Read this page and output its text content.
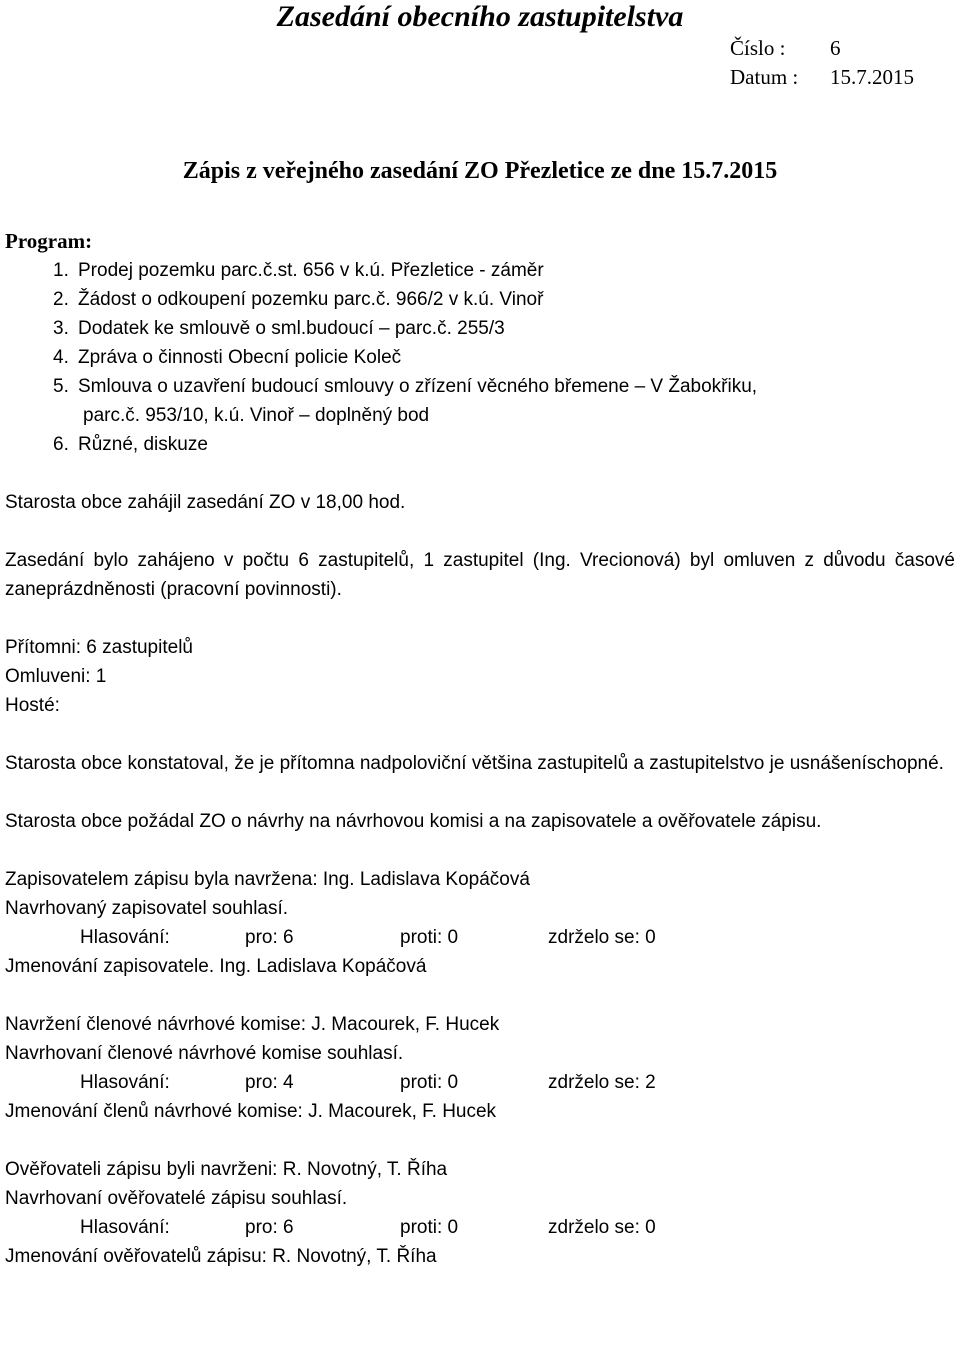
Zasedání obecního zastupitelstva
Číslo : 6
Datum : 15.7.2015
Zápis z veřejného zasedání ZO Přezletice ze dne 15.7.2015
Program:
1. Prodej pozemku parc.č.st. 656 v k.ú. Přezletice - záměr
2. Žádost o odkoupení pozemku parc.č. 966/2 v k.ú. Vinoř
3. Dodatek ke smlouvě o sml.budoucí – parc.č. 255/3
4. Zpráva o činnosti Obecní policie Koleč
5. Smlouva o uzavření budoucí smlouvy o zřízení věcného břemene – V Žabokřiku,
parc.č. 953/10, k.ú. Vinoř – doplněný bod
6. Různé, diskuze

Starosta obce zahájil zasedání ZO v 18,00 hod.

Zasedání bylo zahájeno v počtu 6 zastupitelů, 1 zastupitel (Ing. Vrecionová) byl omluven z důvodu časové zaneprázdněnosti (pracovní povinnosti).

Přítomni: 6 zastupitelů

Omluveni: 1

Hosté:

Starosta obce konstatoval, že je přítomna nadpoloviční většina zastupitelů a zastupitelstvo je usnášeníschopné.

Starosta obce požádal ZO o návrhy na návrhovou komisi a na zapisovatele a ověřovatele zápisu.

Zapisovatelem zápisu byla navržena: Ing. Ladislava Kopáčová

Navrhovaný zapisovatel souhlasí.

Hlasování:	pro: 6	proti: 0	zdrželo se: 0

Jmenování zapisovatele. Ing. Ladislava Kopáčová

Navržení členové návrhové komise: J. Macourek, F. Hucek

Navrhovaní členové návrhové komise souhlasí.

Hlasování:	pro: 4	proti: 0	zdrželo se: 2

Jmenování členů návrhové komise: J. Macourek, F. Hucek

Ověřovateli zápisu byli navrženi: R. Novotný, T. Říha

Navrhovaní ověřovatelé zápisu souhlasí.

Hlasování:	pro: 6	proti: 0	zdrželo se: 0

Jmenování ověřovatelů zápisu: R. Novotný, T. Říha
